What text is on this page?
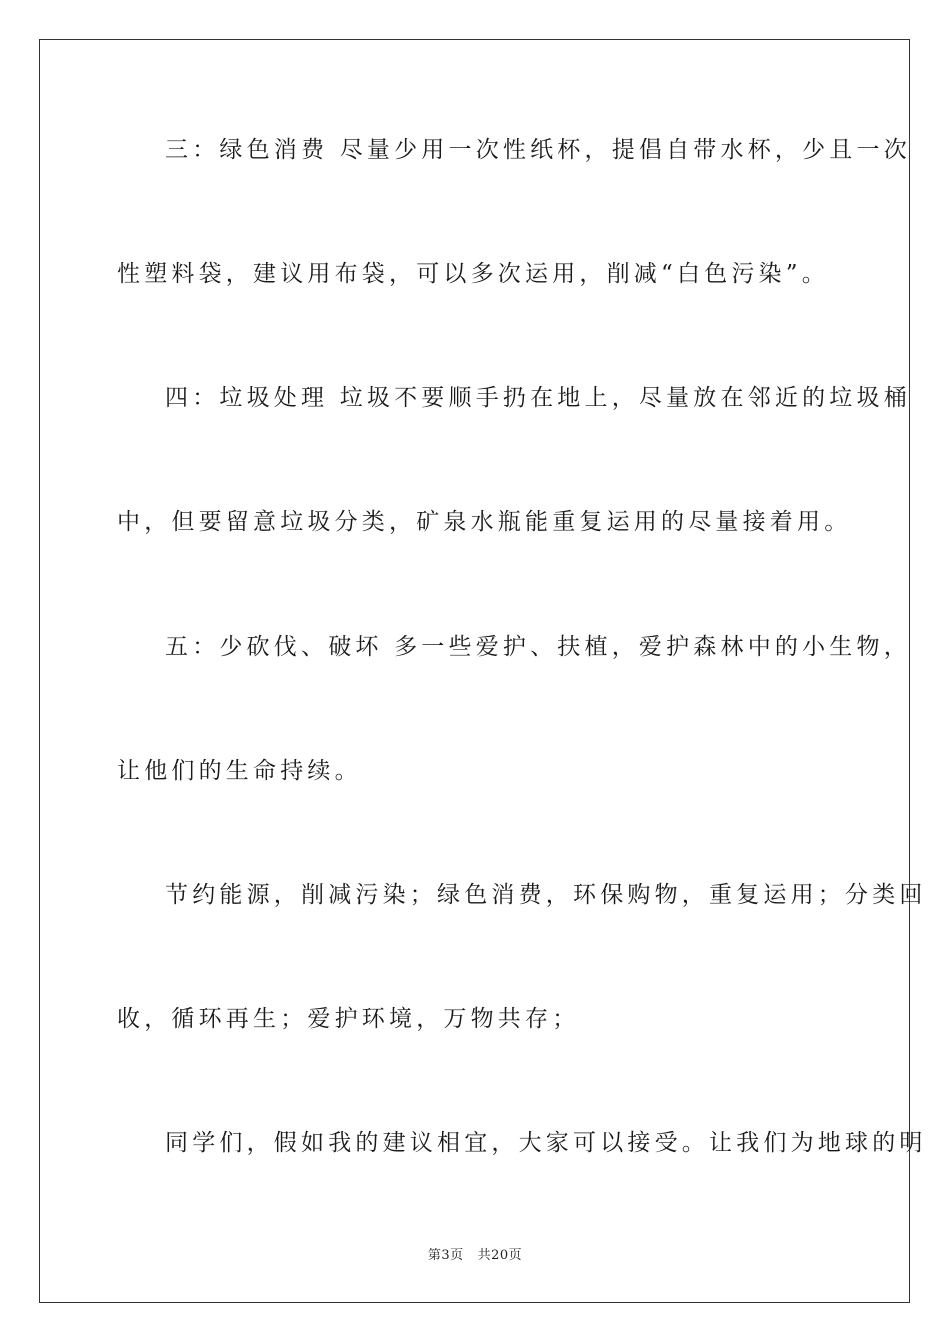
三：绿色消费 尽量少用一次性纸杯，提倡自带水杯，少且一次

性塑料袋，建议用布袋，可以多次运用，削减“白色污染”。

四：垃圾处理 垃圾不要顺手扔在地上，尽量放在邻近的垃圾桶

中，但要留意垃圾分类，矿泉水瓶能重复运用的尽量接着用。

五：少砍伐、破坏 多一些爱护、扶植，爱护森林中的小生物，

让他们的生命持续。

节约能源，削减污染；绿色消费，环保购物，重复运用；分类回

收，循环再生；爱护环境，万物共存；

同学们，假如我的建议相宜，大家可以接受。让我们为地球的明

第3页 共20页
